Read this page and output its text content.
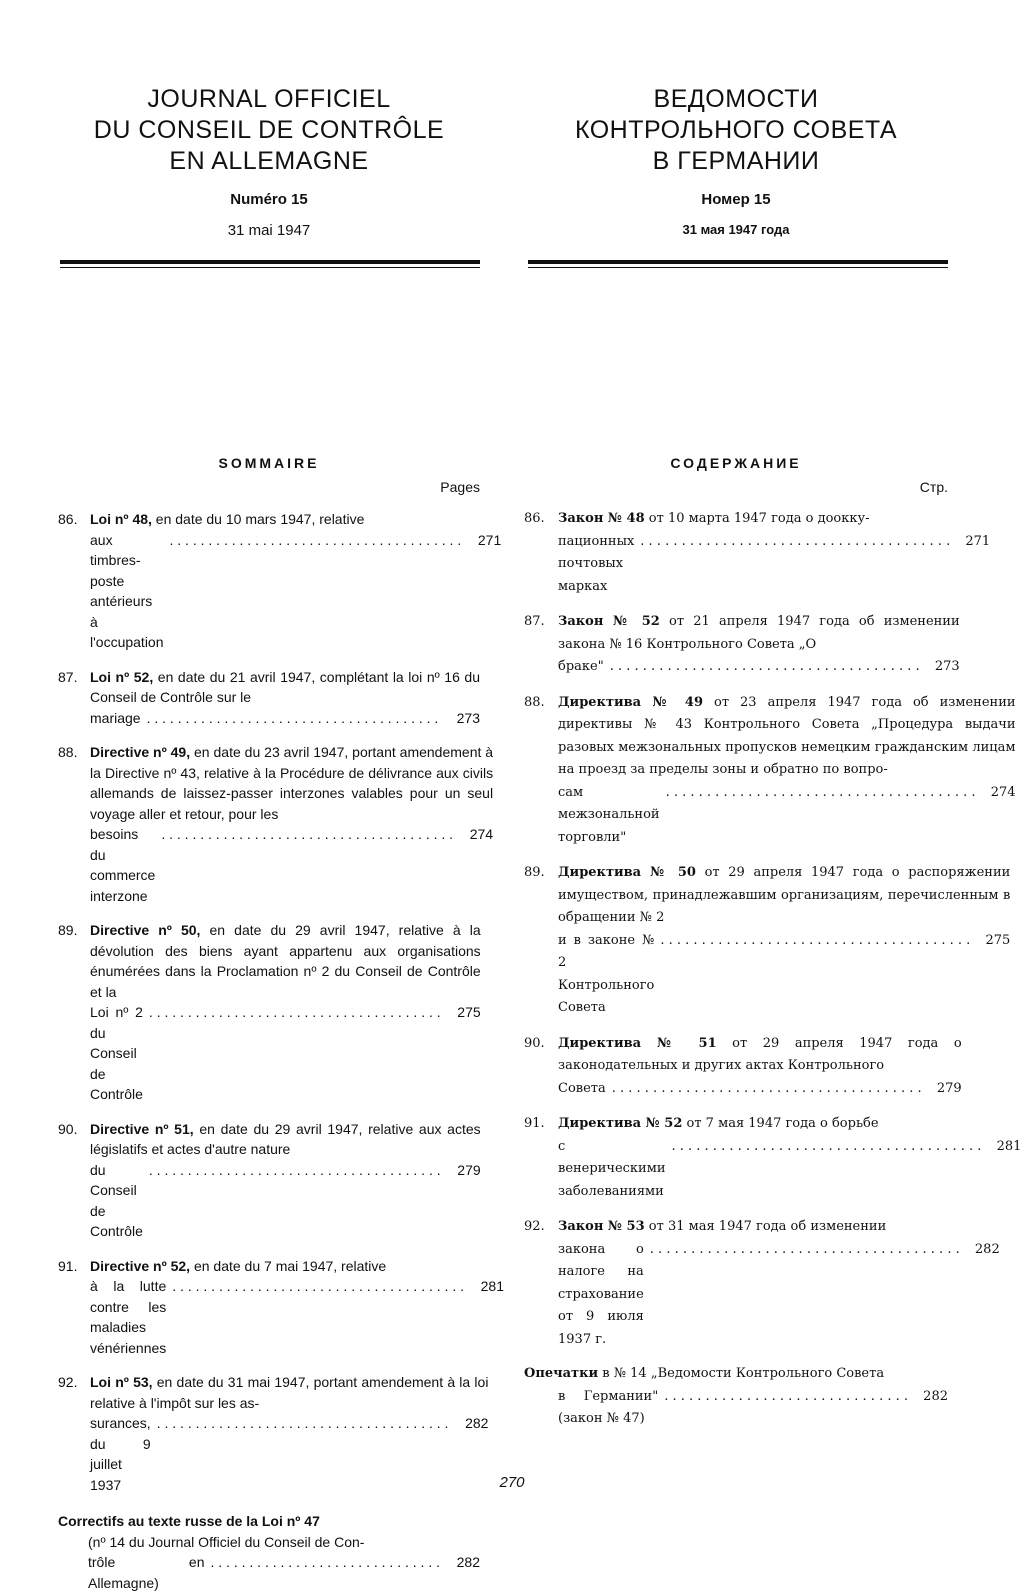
JOURNAL OFFICIEL
DU CONSEIL DE CONTRÔLE
EN ALLEMAGNE
Numéro 15
31 mai 1947
ВЕДОМОСТИ
КОНТРОЛЬНОГО СОВЕТА
В ГЕРМАНИИ
Номер 15
31 мая 1947 года
SOMMAIRE
Pages
86. Loi nº 48, en date du 10 mars 1947, relative
aux timbres-poste antérieurs à l'occupation
. . . . . . . . . . . . . . . . . . . . . . . . . . . . . . . . . . . . . .	271
87. Loi nº 52, en date du 21 avril 1947, complétant la loi nº 16 du Conseil de Contrôle sur le
mariage . . . . . . . . . . . . . . . . . . . . . . . . . . . . . . . . . . . . . .	273
88. Directive nº 49, en date du 23 avril 1947, portant amendement à la Directive nº 43, relative à la Procédure de délivrance aux civils allemands de laissez-passer interzones valables pour un seul voyage aller et retour, pour les
besoins du commerce interzone
. . . . . . . . . . . . . . . . . . . . . . . . . . . . . . . . . . . . . .	274
89. Directive nº 50, en date du 29 avril 1947, relative à la dévolution des biens ayant appartenu aux organisations énumérées dans la Proclamation nº 2 du Conseil de Contrôle et la
Loi nº 2 du Conseil de Contrôle
. . . . . . . . . . . . . . . . . . . . . . . . . . . . . . . . . . . . . .	275
90. Directive nº 51, en date du 29 avril 1947, relative aux actes législatifs et actes d'autre nature
du Conseil de Contrôle
. . . . . . . . . . . . . . . . . . . . . . . . . . . . . . . . . . . . . .	279
91. Directive nº 52, en date du 7 mai 1947, relative
à la lutte contre les maladies vénériennes
. . . . . . . . . . . . . . . . . . . . . . . . . . . . . . . . . . . . . .	281
92. Loi nº 53, en date du 31 mai 1947, portant amendement à la loi relative à l'impôt sur les as-
surances, du 9 juillet 1937
. . . . . . . . . . . . . . . . . . . . . . . . . . . . . . . . . . . . . .	282
Correctifs au texte russe de la Loi nº 47
(nº 14 du Journal Officiel du Conseil de Con-
trôle en Allemagne)
. . . . . . . . . . . . . . . . . . . . . . . . . . . . . .	282
СОДЕРЖАНИЕ
Стр.
86.	Закон № 48 от 10 марта 1947 года о доокку-
пационных почтовых марках
. . . . . . . . . . . . . . . . . . . . . . . . . . . . . . . . . . . . . .	271
87.	Закон № 52 от 21 апреля 1947 года об изменении закона № 16 Контрольного Совета „О
браке" . . . . . . . . . . . . . . . . . . . . . . . . . . . . . . . . . . . . . .	273
88.	Директива № 49 от 23 апреля 1947 года об изменении директивы № 43 Контрольного Совета „Процедура выдачи разовых межзональных пропусков немецким гражданским лицам на проезд за пределы зоны и обратно по вопро-
сам межзональной торговли"
. . . . . . . . . . . . . . . . . . . . . . . . . . . . . . . . . . . . . .	274
89.	Директива № 50 от 29 апреля 1947 года о распоряжении имуществом, принадлежавшим организациям, перечисленным в обращении № 2
и в законе № 2 Контрольного Совета
. . . . . . . . . . . . . . . . . . . . . . . . . . . . . . . . . . . . . .	275
90.	Директива № 51 от 29 апреля 1947 года о законодательных и других актах Контрольного
Совета . . . . . . . . . . . . . . . . . . . . . . . . . . . . . . . . . . . . . .	279
91.	Директива № 52 от 7 мая 1947 года о борьбе
с венерическими заболеваниями
. . . . . . . . . . . . . . . . . . . . . . . . . . . . . . . . . . . . . .	281
92.	Закон № 53 от 31 мая 1947 года об изменении
закона о налоге на страхование от 9 июля 1937 г.
. . . . . . . . . . . . . . . . . . . . . . . . . . . . . . . . . . . . . .	282
Опечатки в № 14 „Ведомости Контрольного Совета
в Германии" (закон № 47)
. . . . . . . . . . . . . . . . . . . . . . . . . . . . . .	282
270
